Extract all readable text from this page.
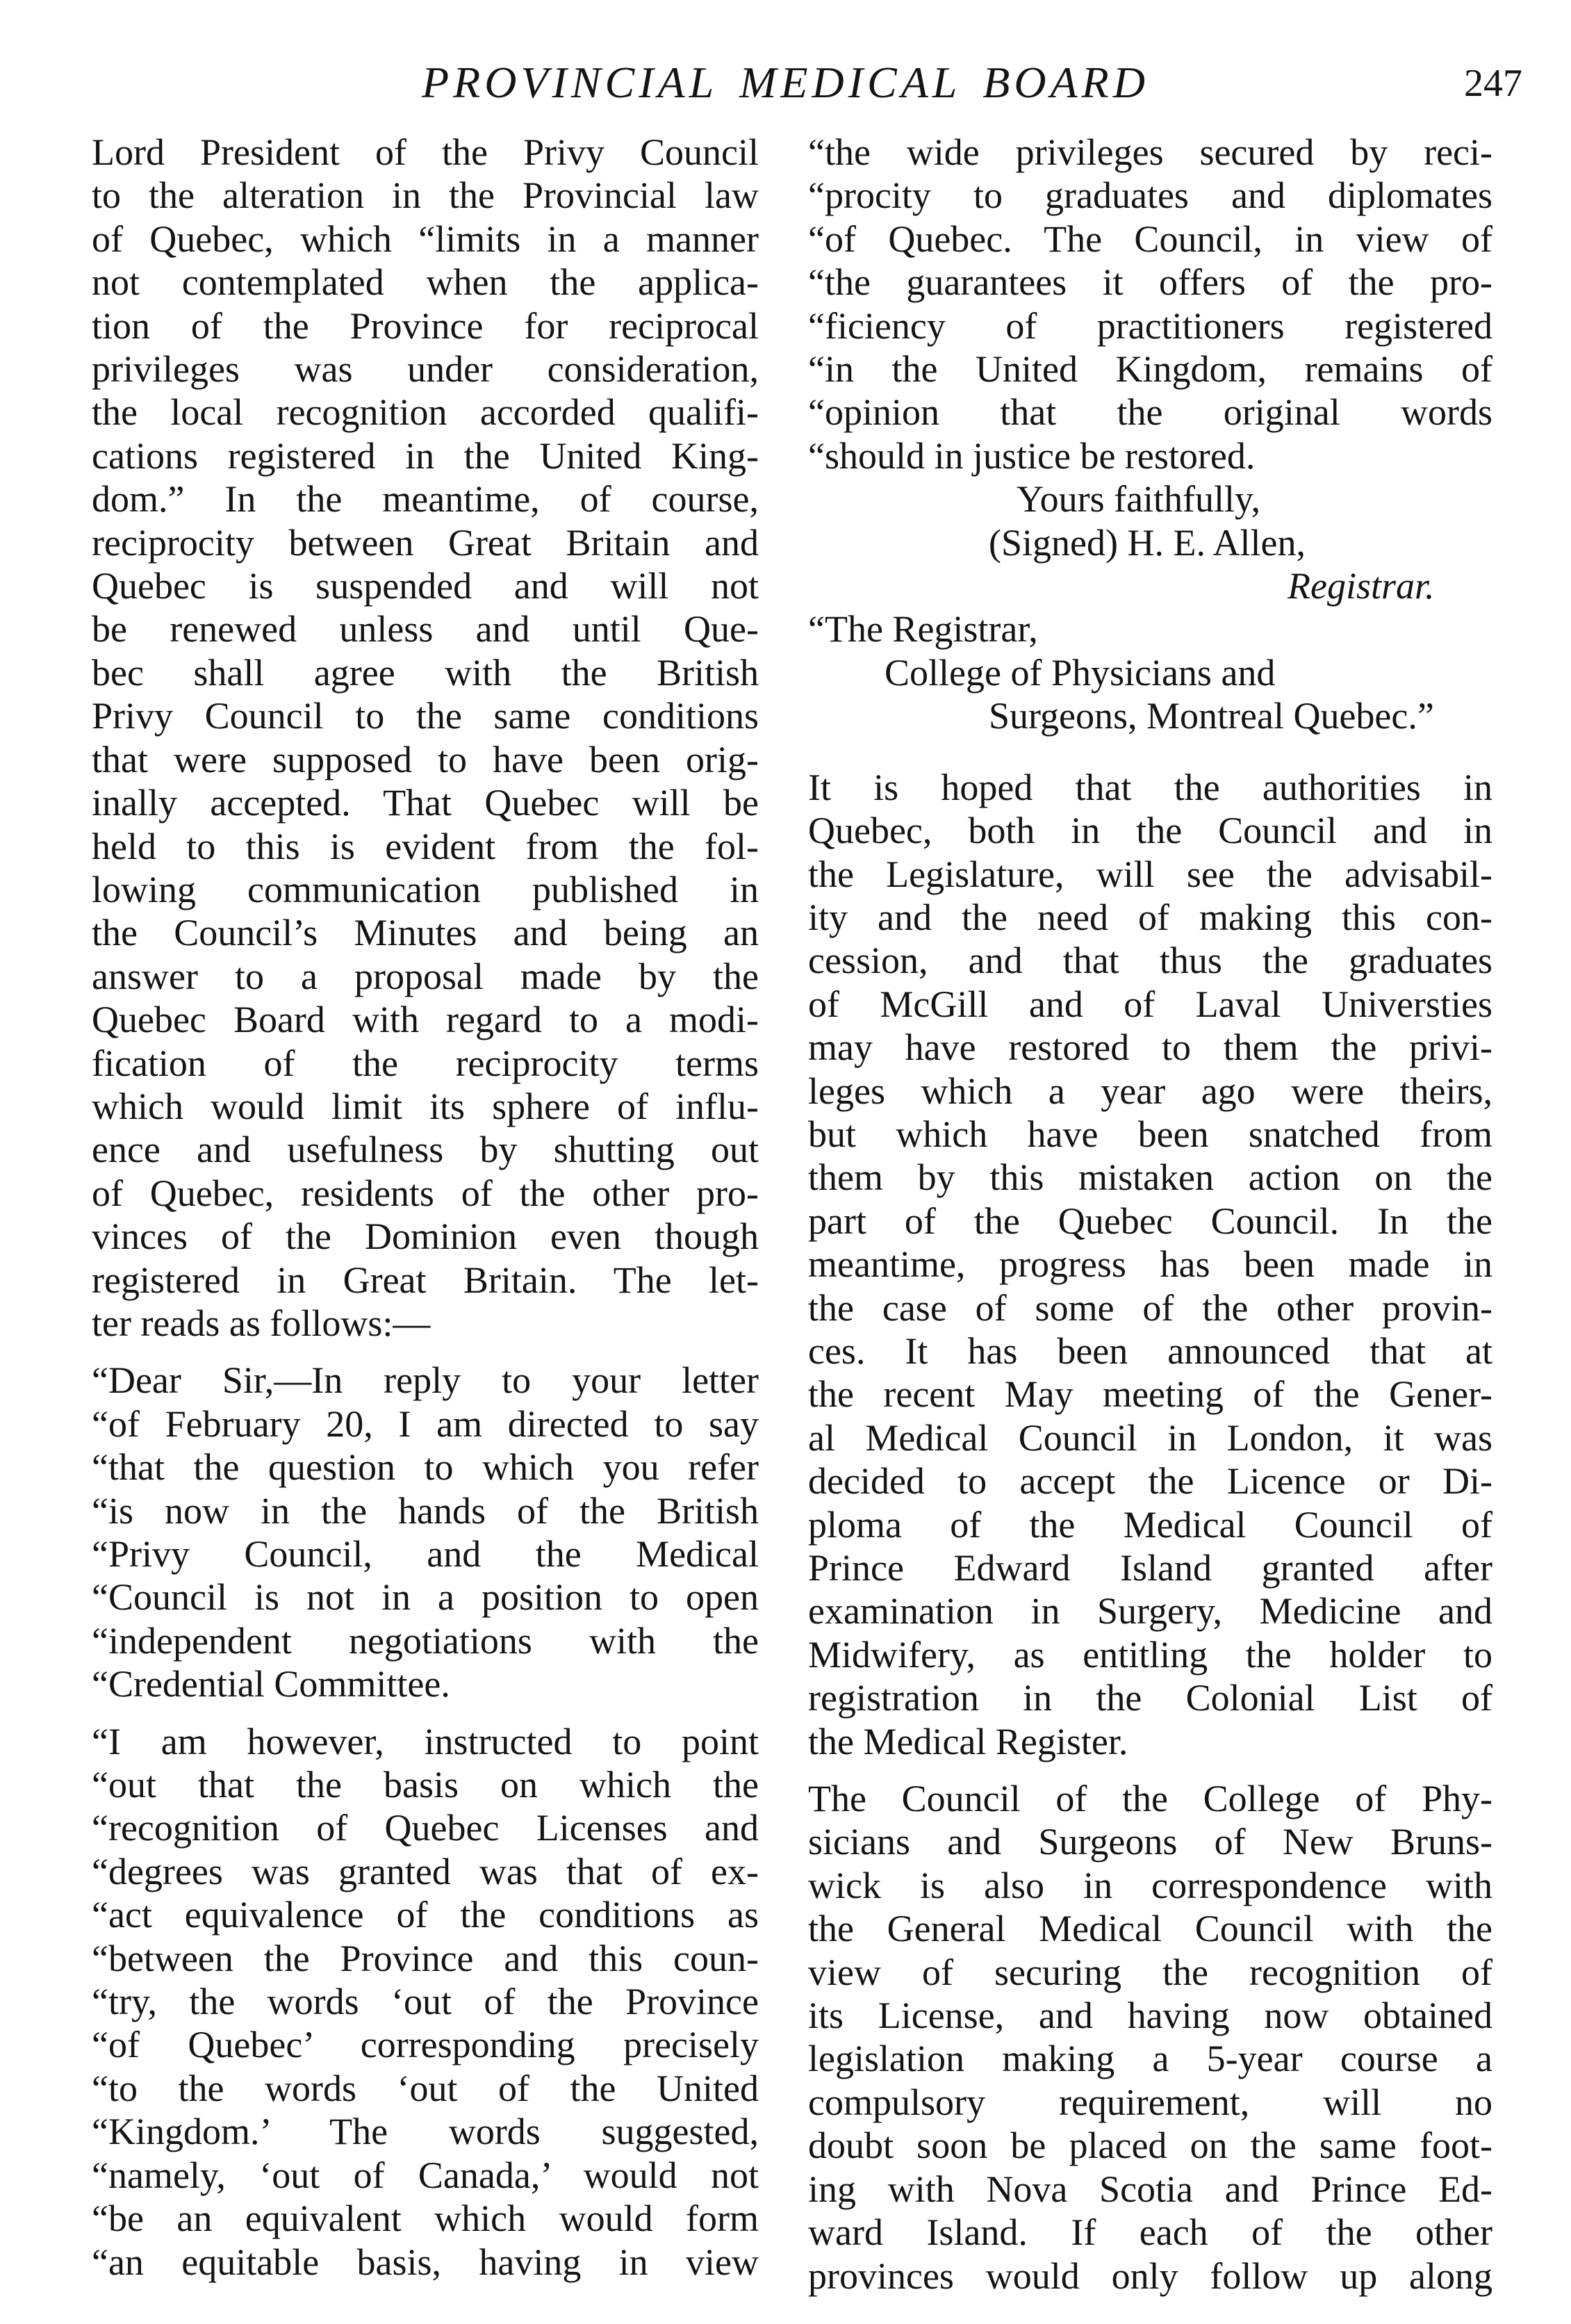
PROVINCIAL MEDICAL BOARD	247
Lord President of the Privy Council
to the alteration in the Provincial law
of Quebec, which “limits in a manner
not contemplated when the applica-
tion of the Province for reciprocal
privileges was under consideration,
the local recognition accorded qualifi-
cations registered in the United King-
dom.” In the meantime, of course,
reciprocity between Great Britain and
Quebec is suspended and will not
be renewed unless and until Que-
bec shall agree with the British
Privy Council to the same conditions
that were supposed to have been orig-
inally accepted. That Quebec will be
held to this is evident from the fol-
lowing communication published in
the Council’s Minutes and being an
answer to a proposal made by the
Quebec Board with regard to a modi-
fication of the reciprocity terms
which would limit its sphere of influ-
ence and usefulness by shutting out
of Quebec, residents of the other pro-
vinces of the Dominion even though
registered in Great Britain. The let-
ter reads as follows:—
“Dear Sir,—In reply to your letter
“of February 20, I am directed to say
“that the question to which you refer
“is now in the hands of the British
“Privy Council, and the Medical
“Council is not in a position to open
“independent negotiations with the
“Credential Committee.
“I am however, instructed to point
“out that the basis on which the
“recognition of Quebec Licenses and
“degrees was granted was that of ex-
“act equivalence of the conditions as
“between the Province and this coun-
“try, the words ‘out of the Province
“of Quebec’ corresponding precisely
“to the words ‘out of the United
“Kingdom.’ The words suggested,
“namely, ‘out of Canada,’ would not
“be an equivalent which would form
“an equitable basis, having in view
“the wide privileges secured by reci-
“procity to graduates and diplomates
“of Quebec. The Council, in view of
“the guarantees it offers of the pro-
“ficiency of practitioners registered
“in the United Kingdom, remains of
“opinion that the original words
“should in justice be restored.
Yours faithfully,
(Signed) H. E. Allen,
Registrar.
“The Registrar,
College of Physicians and
Surgeons, Montreal Quebec.”
It is hoped that the authorities in
Quebec, both in the Council and in
the Legislature, will see the advisabil-
ity and the need of making this con-
cession, and that thus the graduates
of McGill and of Laval Universties
may have restored to them the privi-
leges which a year ago were theirs,
but which have been snatched from
them by this mistaken action on the
part of the Quebec Council. In the
meantime, progress has been made in
the case of some of the other provin-
ces. It has been announced that at
the recent May meeting of the Gener-
al Medical Council in London, it was
decided to accept the Licence or Di-
ploma of the Medical Council of
Prince Edward Island granted after
examination in Surgery, Medicine and
Midwifery, as entitling the holder to
registration in the Colonial List of
the Medical Register.
The Council of the College of Phy-
sicians and Surgeons of New Bruns-
wick is also in correspondence with
the General Medical Council with the
view of securing the recognition of
its License, and having now obtained
legislation making a 5-year course a
compulsory requirement, will no
doubt soon be placed on the same foot-
ing with Nova Scotia and Prince Ed-
ward Island. If each of the other
provinces would only follow up along
